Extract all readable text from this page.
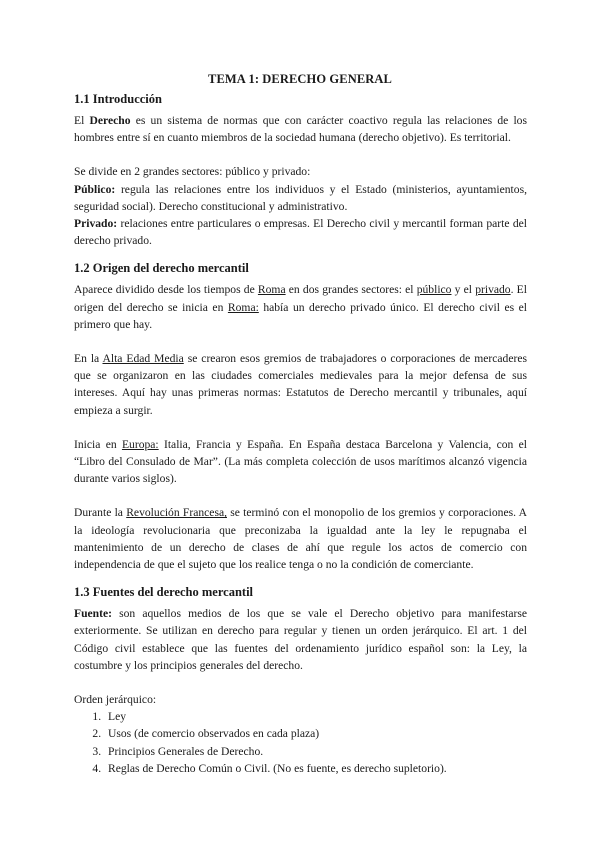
TEMA 1: DERECHO GENERAL
1.1 Introducción

El Derecho es un sistema de normas que con carácter coactivo regula las relaciones de los hombres entre sí en cuanto miembros de la sociedad humana (derecho objetivo). Es territorial.

Se divide en 2 grandes sectores: público y privado:

Público: regula las relaciones entre los individuos y el Estado (ministerios, ayuntamientos, seguridad social). Derecho constitucional y administrativo.

Privado: relaciones entre particulares o empresas. El Derecho civil y mercantil forman parte del derecho privado.

1.2 Origen del derecho mercantil

Aparece dividido desde los tiempos de Roma en dos grandes sectores: el público y el privado. El origen del derecho se inicia en Roma: había un derecho privado único. El derecho civil es el primero que hay.

En la Alta Edad Media se crearon esos gremios de trabajadores o corporaciones de mercaderes que se organizaron en las ciudades comerciales medievales para la mejor defensa de sus intereses. Aquí hay unas primeras normas: Estatutos de Derecho mercantil y tribunales, aquí empieza a surgir.

Inicia en Europa: Italia, Francia y España. En España destaca Barcelona y Valencia, con el “Libro del Consulado de Mar”. (La más completa colección de usos marítimos alcanzó vigencia durante varios siglos).

Durante la Revolución Francesa, se terminó con el monopolio de los gremios y corporaciones. A la ideología revolucionaria que preconizaba la igualdad ante la ley le repugnaba el mantenimiento de un derecho de clases de ahí que regule los actos de comercio con independencia de que el sujeto que los realice tenga o no la condición de comerciante.

1.3 Fuentes del derecho mercantil

Fuente: son aquellos medios de los que se vale el Derecho objetivo para manifestarse exteriormente. Se utilizan en derecho para regular y tienen un orden jerárquico. El art. 1 del Código civil establece que las fuentes del ordenamiento jurídico español son: la Ley, la costumbre y los principios generales del derecho.

Orden jerárquico:

1. Ley
2. Usos (de comercio observados en cada plaza)
3. Principios Generales de Derecho.
4. Reglas de Derecho Común o Civil. (No es fuente, es derecho supletorio).
